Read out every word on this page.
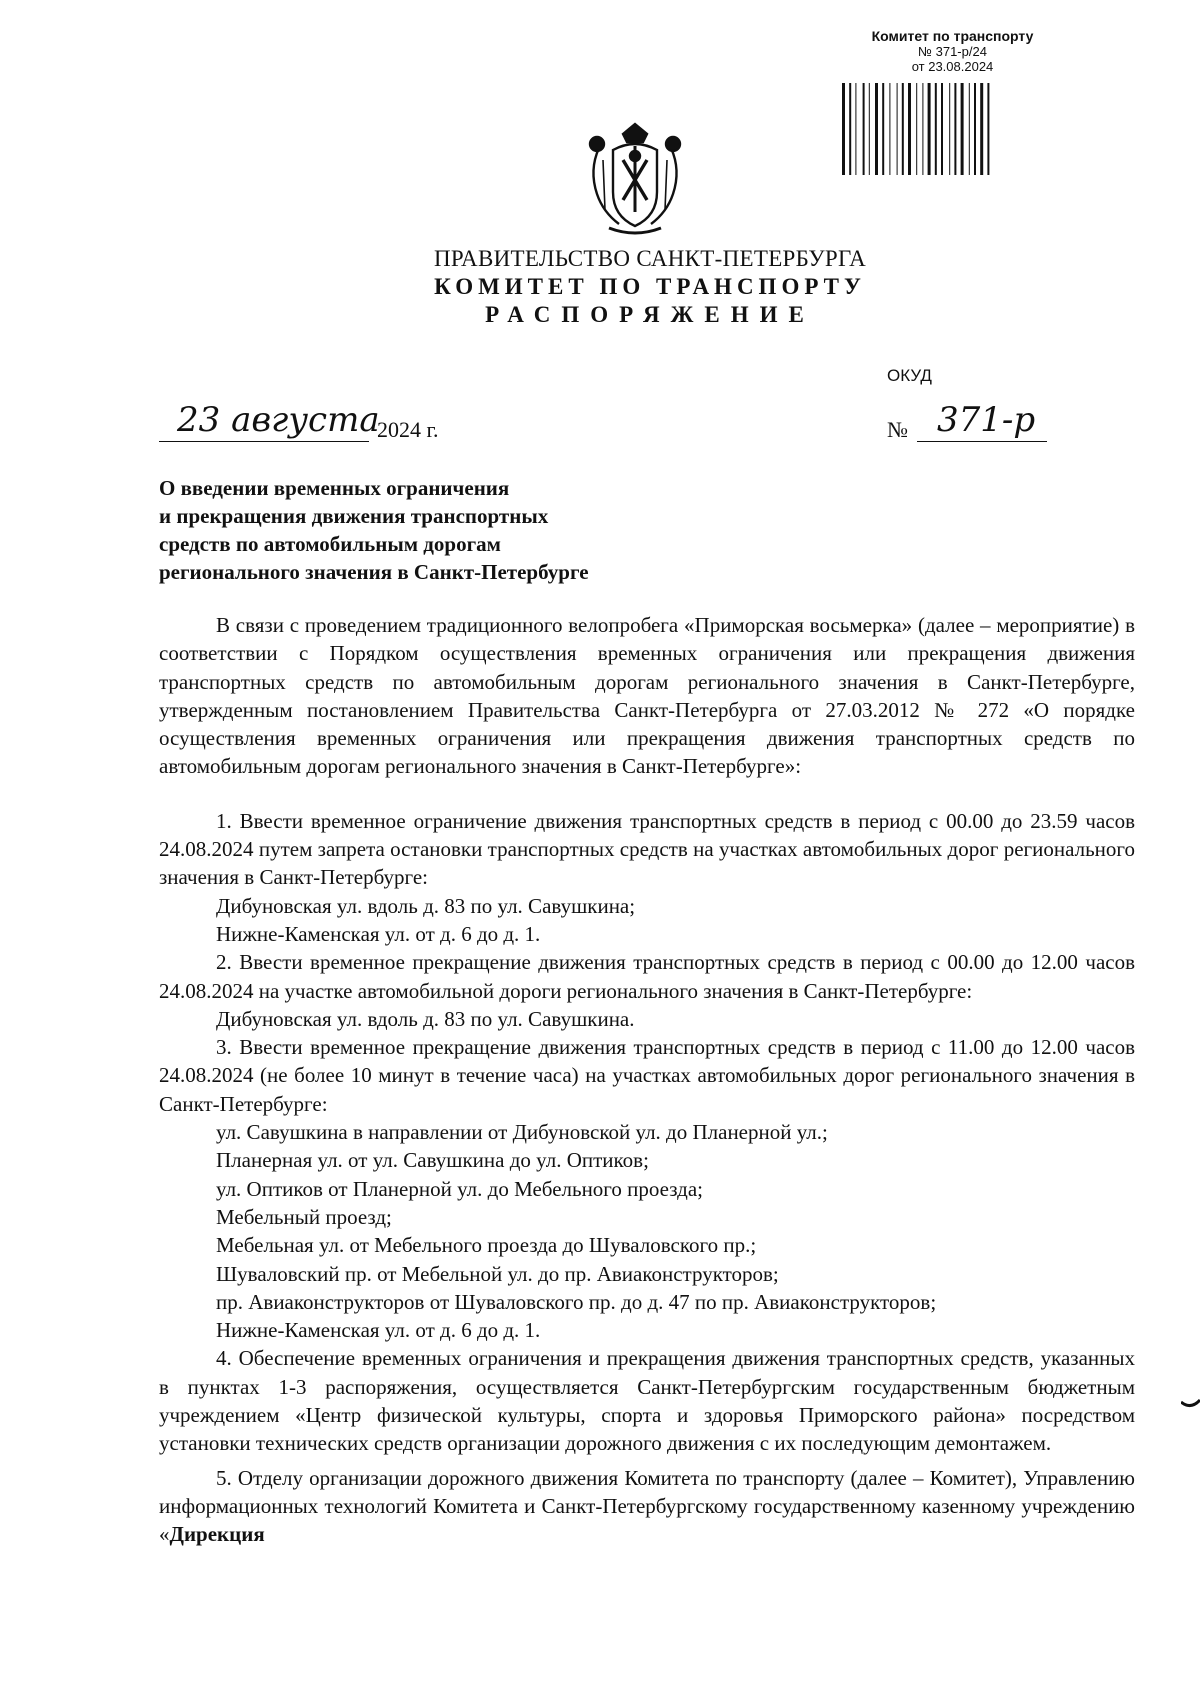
Комитет по транспорту
№ 371-р/24
от 23.08.2024
ПРАВИТЕЛЬСТВО САНКТ-ПЕТЕРБУРГА
КОМИТЕТ ПО ТРАНСПОРТУ
РАСПОРЯЖЕНИЕ
ОКУД
23 августа
2024 г.	№ 371-р
О введении временных ограничения
и прекращения движения транспортных
средств по автомобильным дорогам
регионального значения в Санкт-Петербурге

В связи с проведением традиционного велопробега «Приморская восьмерка» (далее – мероприятие) в соответствии с Порядком осуществления временных ограничения или прекращения движения транспортных средств по автомобильным дорогам регионального значения в Санкт-Петербурге, утвержденным постановлением Правительства Санкт-Петербурга от 27.03.2012 № 272 «О порядке осуществления временных ограничения или прекращения движения транспортных средств по автомобильным дорогам регионального значения в Санкт-Петербурге»:

1. Ввести временное ограничение движения транспортных средств в период с 00.00 до 23.59 часов 24.08.2024 путем запрета остановки транспортных средств на участках автомобильных дорог регионального значения в Санкт-Петербурге:

Дибуновская ул. вдоль д. 83 по ул. Савушкина;

Нижне-Каменская ул. от д. 6 до д. 1.

2. Ввести временное прекращение движения транспортных средств в период с 00.00 до 12.00 часов 24.08.2024 на участке автомобильной дороги регионального значения в Санкт-Петербурге:

Дибуновская ул. вдоль д. 83 по ул. Савушкина.

3. Ввести временное прекращение движения транспортных средств в период с 11.00 до 12.00 часов 24.08.2024 (не более 10 минут в течение часа) на участках автомобильных дорог регионального значения в Санкт-Петербурге:

ул. Савушкина в направлении от Дибуновской ул. до Планерной ул.;

Планерная ул. от ул. Савушкина до ул. Оптиков;

ул. Оптиков от Планерной ул. до Мебельного проезда;

Мебельный проезд;

Мебельная ул. от Мебельного проезда до Шуваловского пр.;

Шуваловский пр. от Мебельной ул. до пр. Авиаконструкторов;

пр. Авиаконструкторов от Шуваловского пр. до д. 47 по пр. Авиаконструкторов;

Нижне-Каменская ул. от д. 6 до д. 1.

4. Обеспечение временных ограничения и прекращения движения транспортных средств, указанных в пунктах 1-3 распоряжения, осуществляется Санкт-Петербургским государственным бюджетным учреждением «Центр физической культуры, спорта и здоровья Приморского района» посредством установки технических средств организации дорожного движения с их последующим демонтажем.

5. Отделу организации дорожного движения Комитета по транспорту (далее – Комитет), Управлению информационных технологий Комитета и Санкт-Петербургскому государственному казенному учреждению «Дирекция
